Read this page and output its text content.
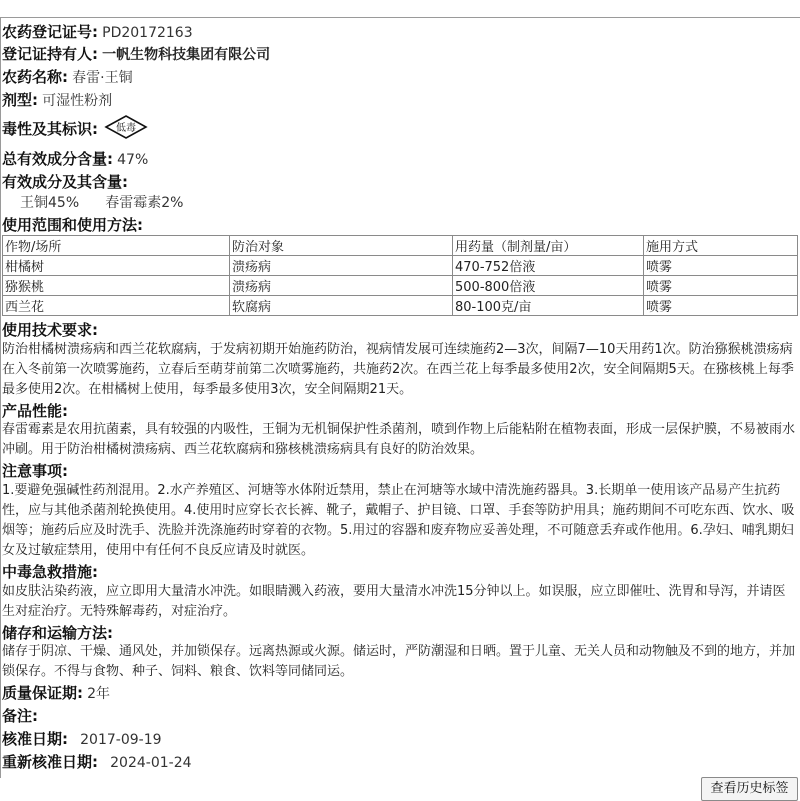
农药登记证号: PD20172163
登记证持有人: 一帆生物科技集团有限公司
农药名称: 春雷·王铜
剂型: 可湿性粉剂
毒性及其标识: 低毒
总有效成分含量: 47%
有效成分及其含量:
王铜45% 春雷霉素2%
使用范围和使用方法:
作物/场所	防治对象	用药量（制剂量/亩）	施用方式
柑橘树	溃疡病	470-752倍液	喷雾
猕猴桃	溃疡病	500-800倍液	喷雾
西兰花	软腐病	80-100克/亩	喷雾
使用技术要求:
防治柑橘树溃疡病和西兰花软腐病，于发病初期开始施药防治，视病情发展可连续施药2—3次，间隔7—10天用药1次。防治猕猴桃溃疡病在入冬前第一次喷雾施药，立春后至萌芽前第二次喷雾施药，共施药2次。在西兰花上每季最多使用2次，安全间隔期5天。在猕核桃上每季最多使用2次。在柑橘树上使用，每季最多使用3次，安全间隔期21天。
产品性能:
春雷霉素是农用抗菌素，具有较强的内吸性，王铜为无机铜保护性杀菌剂，喷到作物上后能粘附在植物表面，形成一层保护膜，不易被雨水冲刷。用于防治柑橘树溃疡病、西兰花软腐病和猕核桃溃疡病具有良好的防治效果。
注意事项:
1.要避免强碱性药剂混用。2.水产养殖区、河塘等水体附近禁用，禁止在河塘等水域中清洗施药器具。3.长期单一使用该产品易产生抗药性，应与其他杀菌剂轮换使用。4.使用时应穿长衣长裤、靴子，戴帽子、护目镜、口罩、手套等防护用具；施药期间不可吃东西、饮水、吸烟等；施药后应及时洗手、洗脸并洗涤施药时穿着的衣物。5.用过的容器和废弃物应妥善处理，不可随意丢弃或作他用。6.孕妇、哺乳期妇女及过敏症禁用，使用中有任何不良反应请及时就医。
中毒急救措施:
如皮肤沾染药液，应立即用大量清水冲洗。如眼睛溅入药液，要用大量清水冲洗15分钟以上。如误服，应立即催吐、洗胃和导泻，并请医生对症治疗。无特殊解毒药，对症治疗。
储存和运输方法:
储存于阴凉、干燥、通风处，并加锁保存。远离热源或火源。储运时，严防潮湿和日晒。置于儿童、无关人员和动物触及不到的地方，并加锁保存。不得与食物、种子、饲料、粮食、饮料等同储同运。
质量保证期: 2年
备注:
核准日期: 2017-09-19
重新核准日期: 2024-01-24
查看历史标签
